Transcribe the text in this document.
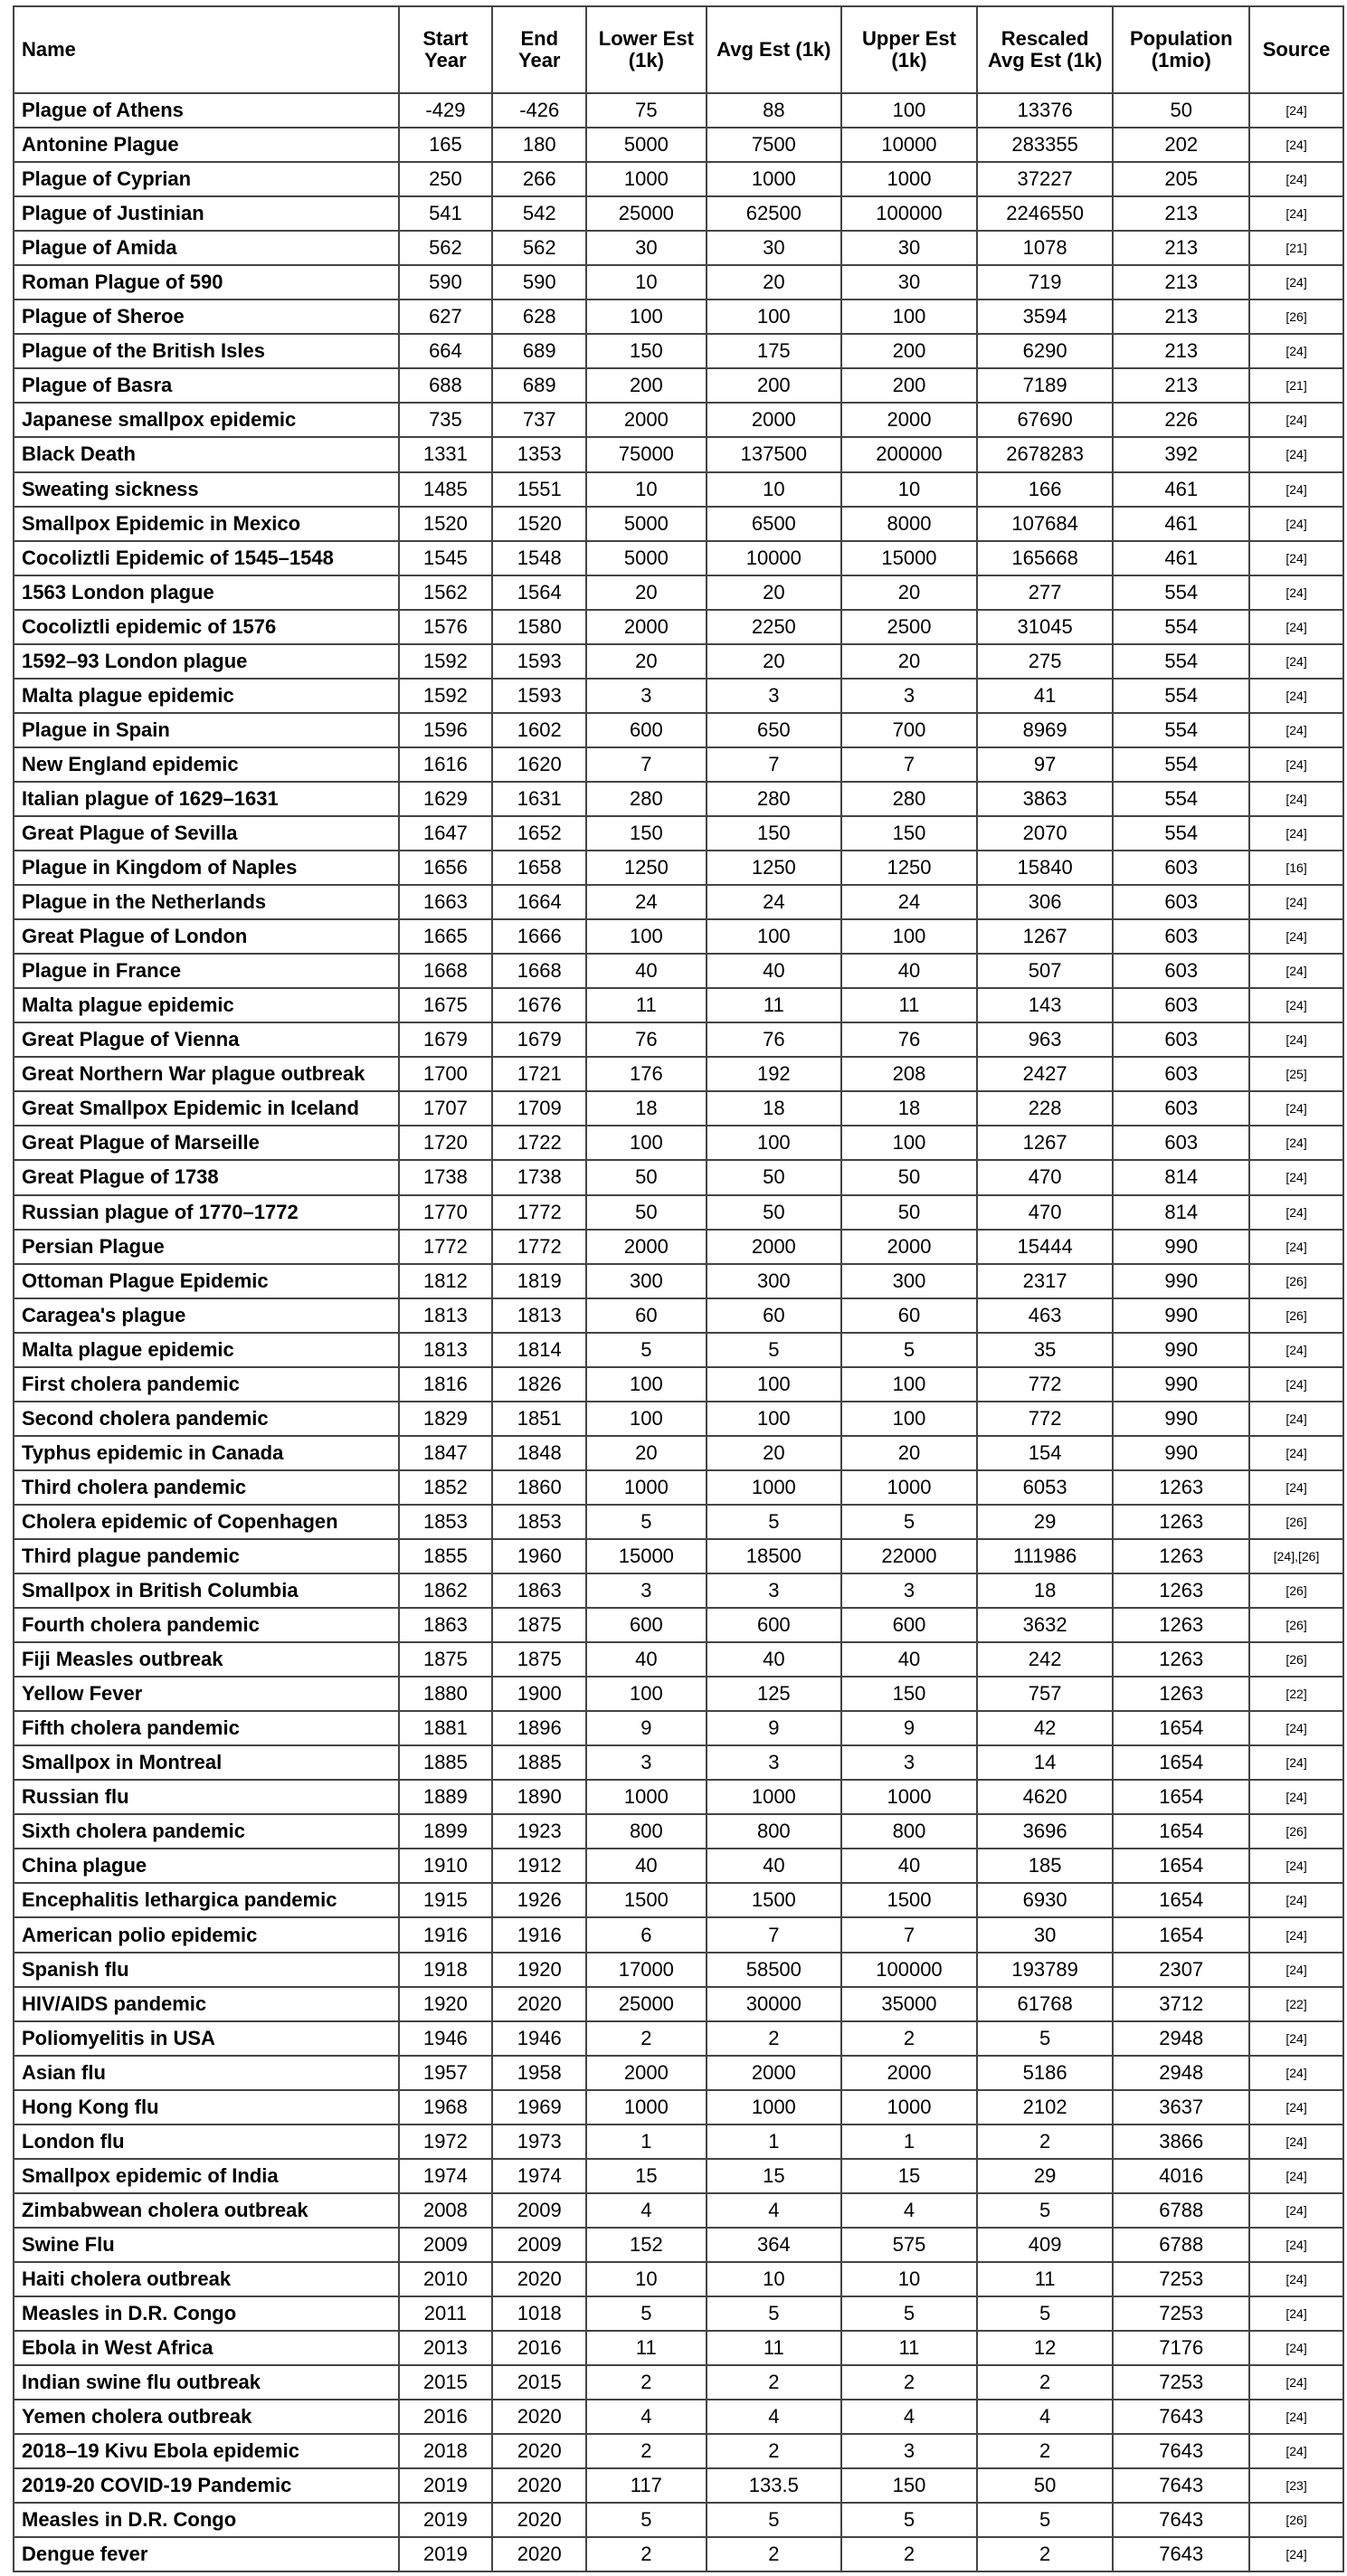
Name	Start Year	End Year	Lower Est (1k)	Avg Est (1k)	Upper Est (1k)	Rescaled Avg Est (1k)	Population (1mio)	Source
Plague of Athens	-429	-426	75	88	100	13376	50	[24]
Antonine Plague	165	180	5000	7500	10000	283355	202	[24]
Plague of Cyprian	250	266	1000	1000	1000	37227	205	[24]
Plague of Justinian	541	542	25000	62500	100000	2246550	213	[24]
Plague of Amida	562	562	30	30	30	1078	213	[21]
Roman Plague of 590	590	590	10	20	30	719	213	[24]
Plague of Sheroe	627	628	100	100	100	3594	213	[26]
Plague of the British Isles	664	689	150	175	200	6290	213	[24]
Plague of Basra	688	689	200	200	200	7189	213	[21]
Japanese smallpox epidemic	735	737	2000	2000	2000	67690	226	[24]
Black Death	1331	1353	75000	137500	200000	2678283	392	[24]
Sweating sickness	1485	1551	10	10	10	166	461	[24]
Smallpox Epidemic in Mexico	1520	1520	5000	6500	8000	107684	461	[24]
Cocoliztli Epidemic of 1545–1548	1545	1548	5000	10000	15000	165668	461	[24]
1563 London plague	1562	1564	20	20	20	277	554	[24]
Cocoliztli epidemic of 1576	1576	1580	2000	2250	2500	31045	554	[24]
1592–93 London plague	1592	1593	20	20	20	275	554	[24]
Malta plague epidemic	1592	1593	3	3	3	41	554	[24]
Plague in Spain	1596	1602	600	650	700	8969	554	[24]
New England epidemic	1616	1620	7	7	7	97	554	[24]
Italian plague of 1629–1631	1629	1631	280	280	280	3863	554	[24]
Great Plague of Sevilla	1647	1652	150	150	150	2070	554	[24]
Plague in Kingdom of Naples	1656	1658	1250	1250	1250	15840	603	[16]
Plague in the Netherlands	1663	1664	24	24	24	306	603	[24]
Great Plague of London	1665	1666	100	100	100	1267	603	[24]
Plague in France	1668	1668	40	40	40	507	603	[24]
Malta plague epidemic	1675	1676	11	11	11	143	603	[24]
Great Plague of Vienna	1679	1679	76	76	76	963	603	[24]
Great Northern War plague outbreak	1700	1721	176	192	208	2427	603	[25]
Great Smallpox Epidemic in Iceland	1707	1709	18	18	18	228	603	[24]
Great Plague of Marseille	1720	1722	100	100	100	1267	603	[24]
Great Plague of 1738	1738	1738	50	50	50	470	814	[24]
Russian plague of 1770–1772	1770	1772	50	50	50	470	814	[24]
Persian Plague	1772	1772	2000	2000	2000	15444	990	[24]
Ottoman Plague Epidemic	1812	1819	300	300	300	2317	990	[26]
Caragea's plague	1813	1813	60	60	60	463	990	[26]
Malta plague epidemic	1813	1814	5	5	5	35	990	[24]
First cholera pandemic	1816	1826	100	100	100	772	990	[24]
Second cholera pandemic	1829	1851	100	100	100	772	990	[24]
Typhus epidemic in Canada	1847	1848	20	20	20	154	990	[24]
Third cholera pandemic	1852	1860	1000	1000	1000	6053	1263	[24]
Cholera epidemic of Copenhagen	1853	1853	5	5	5	29	1263	[26]
Third plague pandemic	1855	1960	15000	18500	22000	111986	1263	[24],[26]
Smallpox in British Columbia	1862	1863	3	3	3	18	1263	[26]
Fourth cholera pandemic	1863	1875	600	600	600	3632	1263	[26]
Fiji Measles outbreak	1875	1875	40	40	40	242	1263	[26]
Yellow Fever	1880	1900	100	125	150	757	1263	[22]
Fifth cholera pandemic	1881	1896	9	9	9	42	1654	[24]
Smallpox in Montreal	1885	1885	3	3	3	14	1654	[24]
Russian flu	1889	1890	1000	1000	1000	4620	1654	[24]
Sixth cholera pandemic	1899	1923	800	800	800	3696	1654	[26]
China plague	1910	1912	40	40	40	185	1654	[24]
Encephalitis lethargica pandemic	1915	1926	1500	1500	1500	6930	1654	[24]
American polio epidemic	1916	1916	6	7	7	30	1654	[24]
Spanish flu	1918	1920	17000	58500	100000	193789	2307	[24]
HIV/AIDS pandemic	1920	2020	25000	30000	35000	61768	3712	[22]
Poliomyelitis in USA	1946	1946	2	2	2	5	2948	[24]
Asian flu	1957	1958	2000	2000	2000	5186	2948	[24]
Hong Kong flu	1968	1969	1000	1000	1000	2102	3637	[24]
London flu	1972	1973	1	1	1	2	3866	[24]
Smallpox epidemic of India	1974	1974	15	15	15	29	4016	[24]
Zimbabwean cholera outbreak	2008	2009	4	4	4	5	6788	[24]
Swine Flu	2009	2009	152	364	575	409	6788	[24]
Haiti cholera outbreak	2010	2020	10	10	10	11	7253	[24]
Measles in D.R. Congo	2011	1018	5	5	5	5	7253	[24]
Ebola in West Africa	2013	2016	11	11	11	12	7176	[24]
Indian swine flu outbreak	2015	2015	2	2	2	2	7253	[24]
Yemen cholera outbreak	2016	2020	4	4	4	4	7643	[24]
2018–19 Kivu Ebola epidemic	2018	2020	2	2	3	2	7643	[24]
2019-20 COVID-19 Pandemic	2019	2020	117	133.5	150	50	7643	[23]
Measles in D.R. Congo	2019	2020	5	5	5	5	7643	[26]
Dengue fever	2019	2020	2	2	2	2	7643	[24]
